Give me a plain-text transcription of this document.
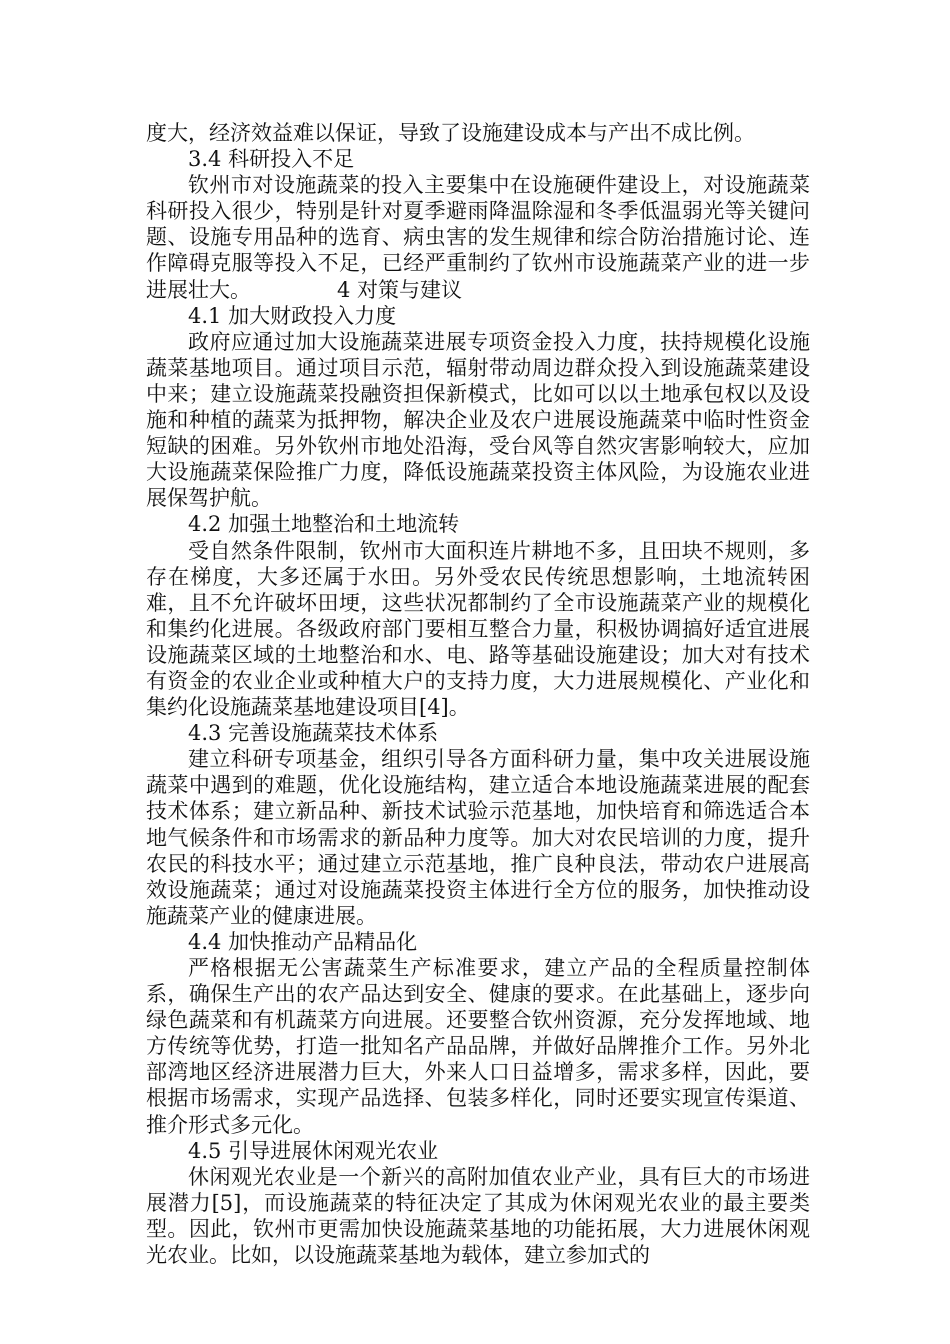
度大，经济效益难以保证，导致了设施建设成本与产出不成比例。

3.4 科研投入不足

钦州市对设施蔬菜的投入主要集中在设施硬件建设上，对设施蔬菜科研投入很少，特别是针对夏季避雨降温除湿和冬季低温弱光等关键问题、设施专用品种的选育、病虫害的发生规律和综合防治措施讨论、连作障碍克服等投入不足，已经严重制约了钦州市设施蔬菜产业的进一步进展壮大。	4 对策与建议

4.1 加大财政投入力度

政府应通过加大设施蔬菜进展专项资金投入力度，扶持规模化设施蔬菜基地项目。通过项目示范，辐射带动周边群众投入到设施蔬菜建设中来；建立设施蔬菜投融资担保新模式，比如可以以土地承包权以及设施和种植的蔬菜为抵押物，解决企业及农户进展设施蔬菜中临时性资金短缺的困难。另外钦州市地处沿海，受台风等自然灾害影响较大，应加大设施蔬菜保险推广力度，降低设施蔬菜投资主体风险，为设施农业进展保驾护航。

4.2 加强土地整治和土地流转

受自然条件限制，钦州市大面积连片耕地不多，且田块不规则，多存在梯度，大多还属于水田。另外受农民传统思想影响，土地流转困难，且不允许破坏田埂，这些状况都制约了全市设施蔬菜产业的规模化和集约化进展。各级政府部门要相互整合力量，积极协调搞好适宜进展设施蔬菜区域的土地整治和水、电、路等基础设施建设；加大对有技术有资金的农业企业或种植大户的支持力度，大力进展规模化、产业化和集约化设施蔬菜基地建设项目[4]。

4.3 完善设施蔬菜技术体系

建立科研专项基金，组织引导各方面科研力量，集中攻关进展设施蔬菜中遇到的难题，优化设施结构，建立适合本地设施蔬菜进展的配套技术体系；建立新品种、新技术试验示范基地，加快培育和筛选适合本地气候条件和市场需求的新品种力度等。加大对农民培训的力度，提升农民的科技水平；通过建立示范基地，推广良种良法，带动农户进展高效设施蔬菜；通过对设施蔬菜投资主体进行全方位的服务，加快推动设施蔬菜产业的健康进展。

4.4 加快推动产品精品化

严格根据无公害蔬菜生产标准要求，建立产品的全程质量控制体系，确保生产出的农产品达到安全、健康的要求。在此基础上，逐步向绿色蔬菜和有机蔬菜方向进展。还要整合钦州资源，充分发挥地域、地方传统等优势，打造一批知名产品品牌，并做好品牌推介工作。另外北部湾地区经济进展潜力巨大，外来人口日益增多，需求多样，因此，要根据市场需求，实现产品选择、包装多样化，同时还要实现宣传渠道、推介形式多元化。

4.5 引导进展休闲观光农业

休闲观光农业是一个新兴的高附加值农业产业，具有巨大的市场进展潜力[5]，而设施蔬菜的特征决定了其成为休闲观光农业的最主要类型。因此，钦州市更需加快设施蔬菜基地的功能拓展，大力进展休闲观光农业。比如，以设施蔬菜基地为载体，建立参加式的
